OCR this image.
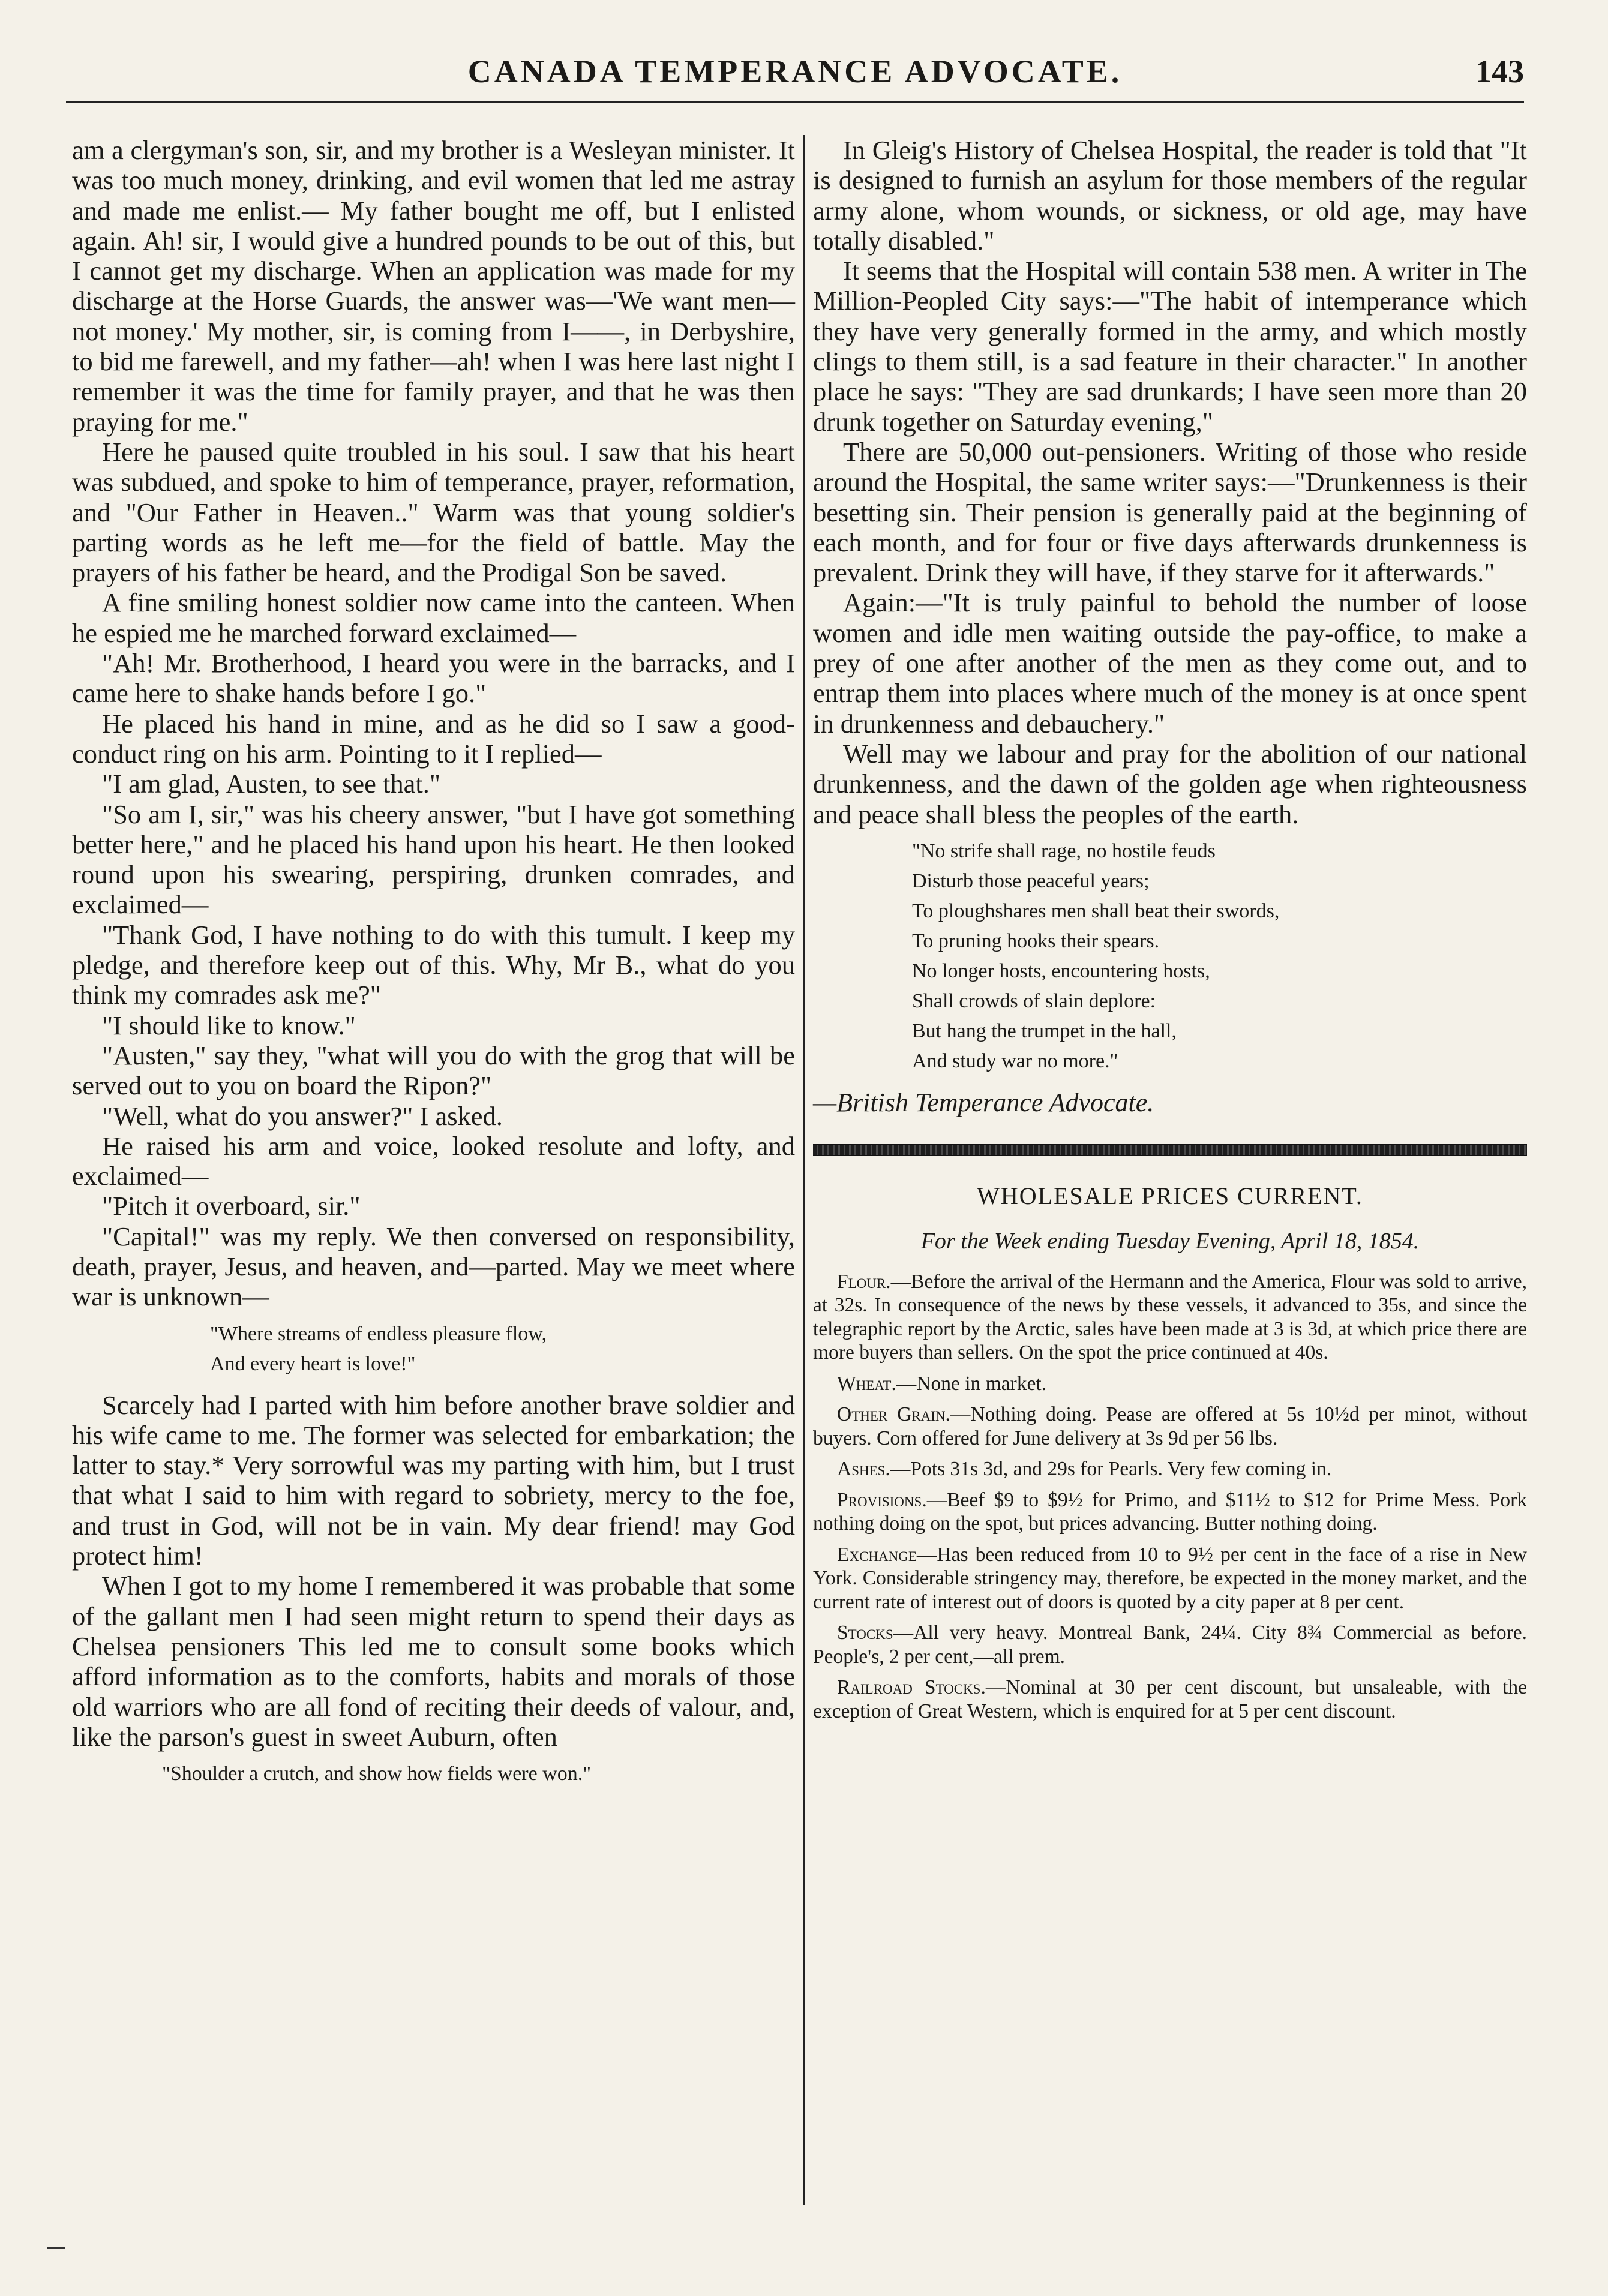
CANADA TEMPERANCE ADVOCATE.	143

am a clergyman's son, sir, and my brother is a Wesleyan minister. It was too much money, drinking, and evil women that led me astray and made me enlist.— My father bought me off, but I enlisted again. Ah! sir, I would give a hundred pounds to be out of this, but I cannot get my discharge. When an application was made for my discharge at the Horse Guards, the answer was—'We want men—not money.' My mother, sir, is coming from I——, in Derbyshire, to bid me farewell, and my father—ah! when I was here last night I remember it was the time for family prayer, and that he was then praying for me."

Here he paused quite troubled in his soul. I saw that his heart was subdued, and spoke to him of temperance, prayer, reformation, and "Our Father in Heaven.." Warm was that young soldier's parting words as he left me—for the field of battle. May the prayers of his father be heard, and the Prodigal Son be saved.

A fine smiling honest soldier now came into the canteen. When he espied me he marched forward exclaimed—

"Ah! Mr. Brotherhood, I heard you were in the barracks, and I came here to shake hands before I go."

He placed his hand in mine, and as he did so I saw a good-conduct ring on his arm. Pointing to it I replied—

"I am glad, Austen, to see that."

"So am I, sir," was his cheery answer, "but I have got something better here," and he placed his hand upon his heart. He then looked round upon his swearing, perspiring, drunken comrades, and exclaimed—

"Thank God, I have nothing to do with this tumult. I keep my pledge, and therefore keep out of this. Why, Mr B., what do you think my comrades ask me?"

"I should like to know."

"Austen," say they, "what will you do with the grog that will be served out to you on board the Ripon?"

"Well, what do you answer?" I asked.

He raised his arm and voice, looked resolute and lofty, and exclaimed—

"Pitch it overboard, sir."

"Capital!" was my reply. We then conversed on responsibility, death, prayer, Jesus, and heaven, and—parted. May we meet where war is unknown—

"Where streams of endless pleasure flow,
And every heart is love!"

Scarcely had I parted with him before another brave soldier and his wife came to me. The former was selected for embarkation; the latter to stay.* Very sorrowful was my parting with him, but I trust that what I said to him with regard to sobriety, mercy to the foe, and trust in God, will not be in vain. My dear friend! may God protect him!

When I got to my home I remembered it was probable that some of the gallant men I had seen might return to spend their days as Chelsea pensioners This led me to consult some books which afford information as to the comforts, habits and morals of those old warriors who are all fond of reciting their deeds of valour, and, like the parson's guest in sweet Auburn, often

"Shoulder a crutch, and show how fields were won."

In Gleig's History of Chelsea Hospital, the reader is told that "It is designed to furnish an asylum for those members of the regular army alone, whom wounds, or sickness, or old age, may have totally disabled."

It seems that the Hospital will contain 538 men. A writer in The Million-Peopled City says:—"The habit of intemperance which they have very generally formed in the army, and which mostly clings to them still, is a sad feature in their character." In another place he says: "They are sad drunkards; I have seen more than 20 drunk together on Saturday evening,"

There are 50,000 out-pensioners. Writing of those who reside around the Hospital, the same writer says:—"Drunkenness is their besetting sin. Their pension is generally paid at the beginning of each month, and for four or five days afterwards drunkenness is prevalent. Drink they will have, if they starve for it afterwards."

Again:—"It is truly painful to behold the number of loose women and idle men waiting outside the pay-office, to make a prey of one after another of the men as they come out, and to entrap them into places where much of the money is at once spent in drunkenness and debauchery."

Well may we labour and pray for the abolition of our national drunkenness, and the dawn of the golden age when righteousness and peace shall bless the peoples of the earth.

"No strife shall rage, no hostile feuds
Disturb those peaceful years;
To ploughshares men shall beat their swords,
To pruning hooks their spears.
No longer hosts, encountering hosts,
Shall crowds of slain deplore:
But hang the trumpet in the hall,
And study war no more."
—British Temperance Advocate.
WHOLESALE PRICES CURRENT.
For the Week ending Tuesday Evening, April 18, 1854.

Flour.—Before the arrival of the Hermann and the America, Flour was sold to arrive, at 32s. In consequence of the news by these vessels, it advanced to 35s, and since the telegraphic report by the Arctic, sales have been made at 3 is 3d, at which price there are more buyers than sellers. On the spot the price continued at 40s.

Wheat.—None in market.

Other Grain.—Nothing doing. Pease are offered at 5s 10½d per minot, without buyers. Corn offered for June delivery at 3s 9d per 56 lbs.

Ashes.—Pots 31s 3d, and 29s for Pearls. Very few coming in.

Provisions.—Beef $9 to $9½ for Primo, and $11½ to $12 for Prime Mess. Pork nothing doing on the spot, but prices advancing. Butter nothing doing.

Exchange—Has been reduced from 10 to 9½ per cent in the face of a rise in New York. Considerable stringency may, therefore, be expected in the money market, and the current rate of interest out of doors is quoted by a city paper at 8 per cent.

Stocks—All very heavy. Montreal Bank, 24¼. City 8¾ Commercial as before. People's, 2 per cent,—all prem.

Railroad Stocks.—Nominal at 30 per cent discount, but unsaleable, with the exception of Great Western, which is enquired for at 5 per cent discount.
